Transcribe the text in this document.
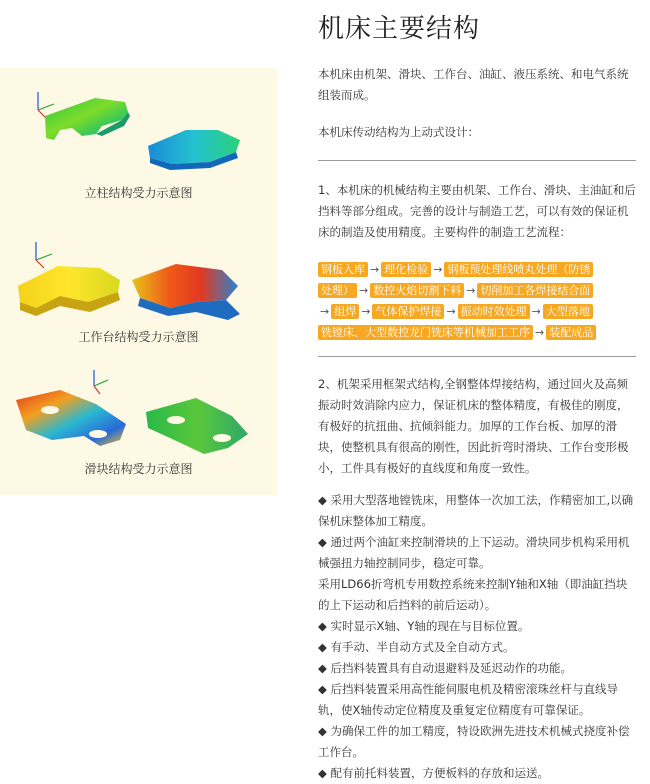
立柱结构受力示意图
工作台结构受力示意图
滑块结构受力示意图
机床主要结构
本机床由机架、滑块、工作台、油缸、液压系统、和电气系统组装而成。
本机床传动结构为上动式设计：
1、本机床的机械结构主要由机架、工作台、滑块、主油缸和后挡料等部分组成。完善的设计与制造工艺，可以有效的保证机床的制造及使用精度。主要构件的制造工艺流程：
钢板入库 → 理化检验 → 钢板预处理线喷丸处理（防锈
处理） → 数控火焰切割下料 → 切削加工各焊接结合面
→ 组焊 → 气体保护焊接 → 振动时效处理 → 大型落地
铣镗床、大型数控龙门铣床等机械加工工序 → 装配成品
2、机架采用框架式结构,全钢整体焊接结构，通过回火及高频振动时效消除内应力，保证机床的整体精度，有极佳的刚度，有极好的抗扭曲、抗倾斜能力。加厚的工作台板、加厚的滑块，使整机具有很高的刚性，因此折弯时滑块、工作台变形极小，工件具有极好的直线度和角度一致性。
◆ 采用大型落地镗铣床，用整体一次加工法，作精密加工,以确保机床整体加工精度。
◆ 通过两个油缸来控制滑块的上下运动。滑块同步机构采用机械强扭力轴控制同步，稳定可靠。
采用LD66折弯机专用数控系统来控制Y轴和X轴（即油缸挡块的上下运动和后挡料的前后运动）。
◆ 实时显示X轴、Y轴的现在与目标位置。
◆ 有手动、半自动方式及全自动方式。
◆ 后挡料装置具有自动退避料及延迟动作的功能。
◆ 后挡料装置采用高性能伺服电机及精密滚珠丝杆与直线导轨，使X轴传动定位精度及重复定位精度有可靠保证。
◆ 为确保工件的加工精度，特设欧洲先进技术机械式挠度补偿工作台。
◆ 配有前托料装置，方便板料的存放和运送。
